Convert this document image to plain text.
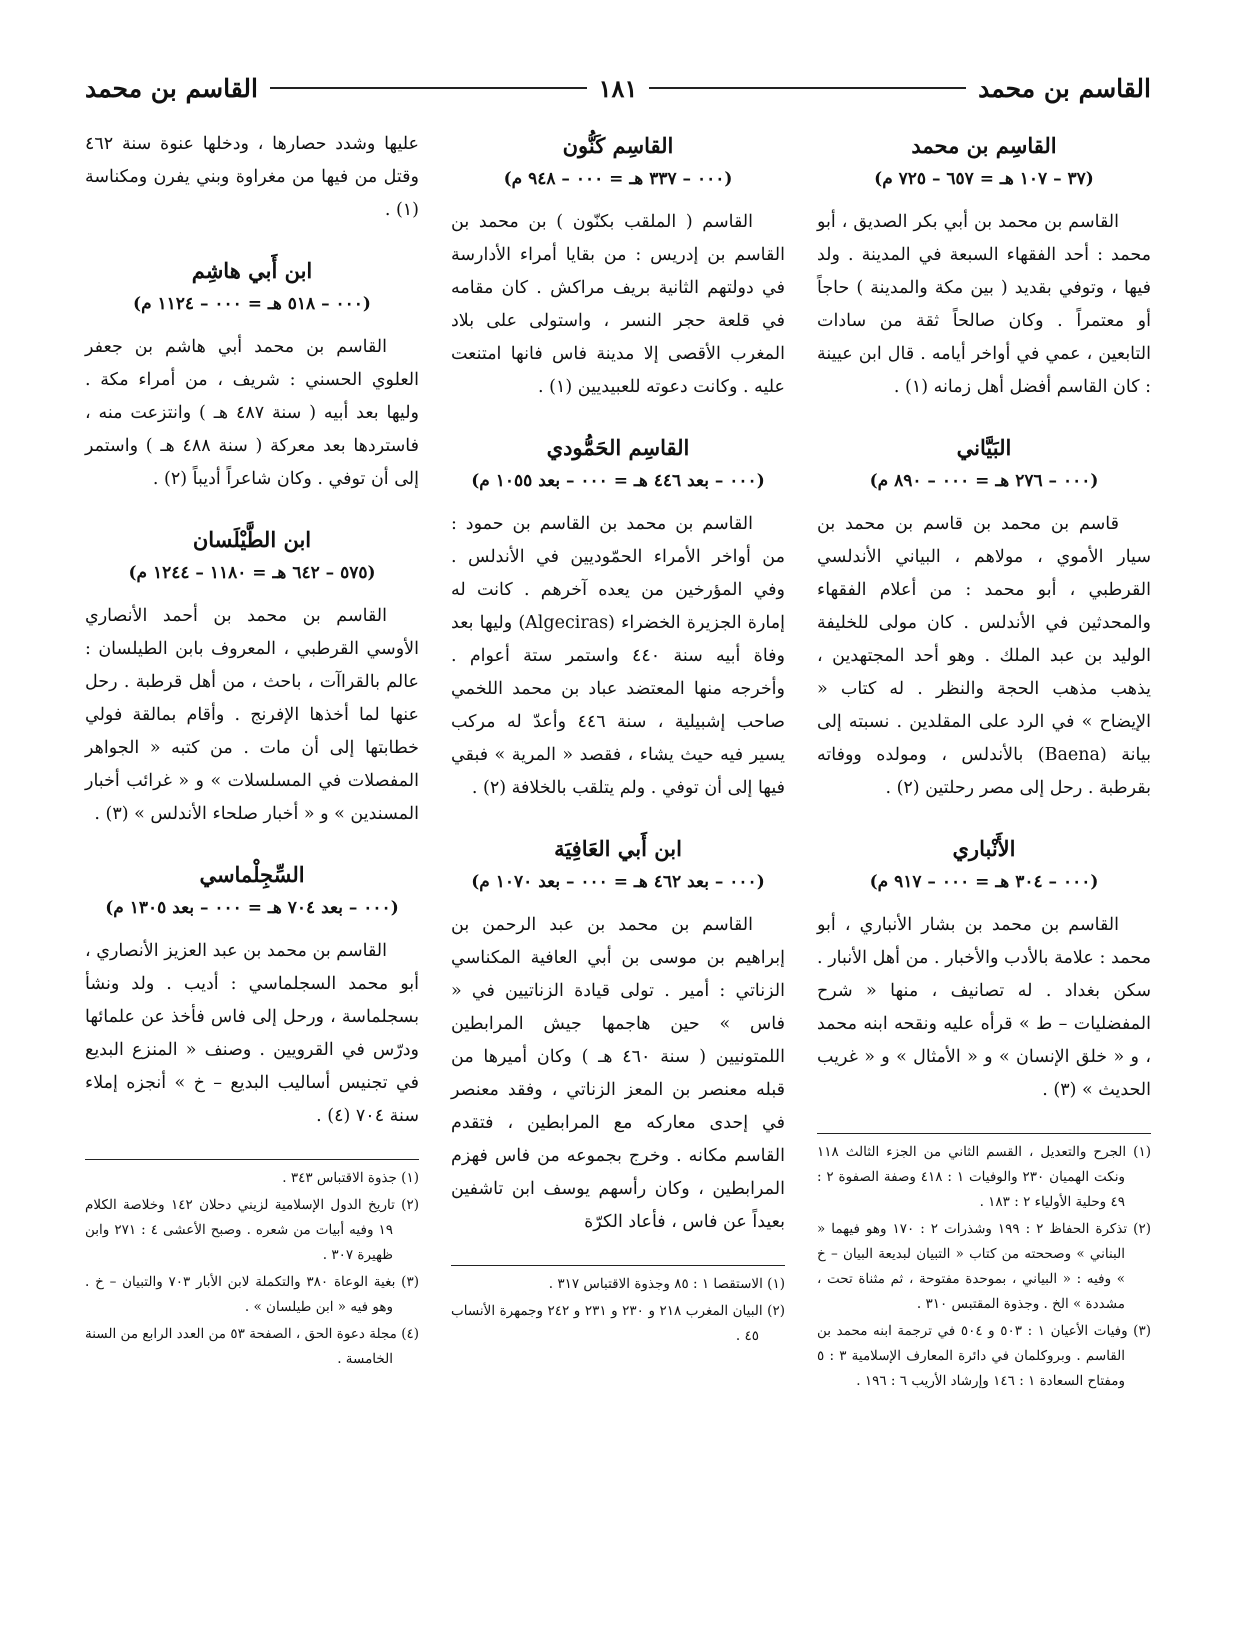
القاسم بن محمد
١٨١
القاسم بن محمد

القاسِم بن محمد

(٣٧ – ١٠٧ هـ = ٦٥٧ – ٧٢٥ م)

القاسم بن محمد بن أبي بكر الصديق ، أبو محمد : أحد الفقهاء السبعة في المدينة . ولد فيها ، وتوفي بقديد ( بين مكة والمدينة ) حاجاً أو معتمراً . وكان صالحاً ثقة من سادات التابعين ، عمي في أواخر أيامه . قال ابن عيينة : كان القاسم أفضل أهل زمانه (١) .

البَيَّاني

(٠٠٠ – ٢٧٦ هـ = ٠٠٠ – ٨٩٠ م)

قاسم بن محمد بن قاسم بن محمد بن سيار الأموي ، مولاهم ، البياني الأندلسي القرطبي ، أبو محمد : من أعلام الفقهاء والمحدثين في الأندلس . كان مولى للخليفة الوليد بن عبد الملك . وهو أحد المجتهدين ، يذهب مذهب الحجة والنظر . له كتاب « الإيضاح » في الرد على المقلدين . نسبته إلى بيانة (Baena) بالأندلس ، ومولده ووفاته بقرطبة . رحل إلى مصر رحلتين (٢) .

الأَنْباري

(٠٠٠ – ٣٠٤ هـ = ٠٠٠ – ٩١٧ م)

القاسم بن محمد بن بشار الأنباري ، أبو محمد : علامة بالأدب والأخبار . من أهل الأنبار . سكن بغداد . له تصانيف ، منها « شرح المفضليات – ط » قرأه عليه ونقحه ابنه محمد ، و « خلق الإنسان » و « الأمثال » و « غريب الحديث » (٣) .

(١) الجرح والتعديل ، القسم الثاني من الجزء الثالث ١١٨ ونكت الهميان ٢٣٠ والوفيات ١ : ٤١٨ وصفة الصفوة ٢ : ٤٩ وحلية الأولياء ٢ : ١٨٣ .

(٢) تذكرة الحفاظ ٢ : ١٩٩ وشذرات ٢ : ١٧٠ وهو فيهما « البناني » وصححته من كتاب « التبيان لبديعة البيان – خ » وفيه : « البياني ، بموحدة مفتوحة ، ثم مثناة تحت ، مشددة » الخ . وجذوة المقتبس ٣١٠ .

(٣) وفيات الأعيان ١ : ٥٠٣ و ٥٠٤ في ترجمة ابنه محمد بن القاسم . وبروكلمان في دائرة المعارف الإسلامية ٣ : ٥ ومفتاح السعادة ١ : ١٤٦ وإرشاد الأريب ٦ : ١٩٦ .

القاسِم كَنُّون

(٠٠٠ – ٣٣٧ هـ = ٠٠٠ – ٩٤٨ م)

القاسم ( الملقب بكنّون ) بن محمد بن القاسم بن إدريس : من بقايا أمراء الأدارسة في دولتهم الثانية بريف مراكش . كان مقامه في قلعة حجر النسر ، واستولى على بلاد المغرب الأقصى إلا مدينة فاس فانها امتنعت عليه . وكانت دعوته للعبيديين (١) .

القاسِم الحَمُّودي

(٠٠٠ – بعد ٤٤٦ هـ = ٠٠٠ – بعد ١٠٥٥ م)

القاسم بن محمد بن القاسم بن حمود : من أواخر الأمراء الحمّوديين في الأندلس . وفي المؤرخين من يعده آخرهم . كانت له إمارة الجزيرة الخضراء (Algeciras) وليها بعد وفاة أبيه سنة ٤٤٠ واستمر ستة أعوام . وأخرجه منها المعتضد عباد بن محمد اللخمي صاحب إشبيلية ، سنة ٤٤٦ وأعدّ له مركب يسير فيه حيث يشاء ، فقصد « المرية » فبقي فيها إلى أن توفي . ولم يتلقب بالخلافة (٢) .

ابن أَبي العَافِيَة

(٠٠٠ – بعد ٤٦٢ هـ = ٠٠٠ – بعد ١٠٧٠ م)

القاسم بن محمد بن عبد الرحمن بن إبراهيم بن موسى بن أبي العافية المكناسي الزناتي : أمير . تولى قيادة الزناتيين في « فاس » حين هاجمها جيش المرابطين اللمتونيين ( سنة ٤٦٠ هـ ) وكان أميرها من قبله معنصر بن المعز الزناتي ، وفقد معنصر في إحدى معاركه مع المرابطين ، فتقدم القاسم مكانه . وخرج بجموعه من فاس فهزم المرابطين ، وكان رأسهم يوسف ابن تاشفين بعيداً عن فاس ، فأعاد الكرّة

(١) الاستقصا ١ : ٨٥ وجذوة الاقتباس ٣١٧ .

(٢) البيان المغرب ٢١٨ و ٢٣٠ و ٢٣١ و ٢٤٢ وجمهرة الأنساب ٤٥ .

عليها وشدد حصارها ، ودخلها عنوة سنة ٤٦٢ وقتل من فيها من مغراوة وبني يفرن ومكناسة (١) .

ابن أَبي هاشِم

(٠٠٠ – ٥١٨ هـ = ٠٠٠ – ١١٢٤ م)

القاسم بن محمد أبي هاشم بن جعفر العلوي الحسني : شريف ، من أمراء مكة . وليها بعد أبيه ( سنة ٤٨٧ هـ ) وانتزعت منه ، فاستردها بعد معركة ( سنة ٤٨٨ هـ ) واستمر إلى أن توفي . وكان شاعراً أديباً (٢) .

ابن الطَّيْلَسان

(٥٧٥ – ٦٤٢ هـ = ١١٨٠ – ١٢٤٤ م)

القاسم بن محمد بن أحمد الأنصاري الأوسي القرطبي ، المعروف بابن الطيلسان : عالم بالقراآت ، باحث ، من أهل قرطبة . رحل عنها لما أخذها الإفرنج . وأقام بمالقة فولي خطابتها إلى أن مات . من كتبه « الجواهر المفصلات في المسلسلات » و « غرائب أخبار المسندين » و « أخبار صلحاء الأندلس » (٣) .

السِّجِلْماسي

(٠٠٠ – بعد ٧٠٤ هـ = ٠٠٠ – بعد ١٣٠٥ م)

القاسم بن محمد بن عبد العزيز الأنصاري ، أبو محمد السجلماسي : أديب . ولد ونشأ بسجلماسة ، ورحل إلى فاس فأخذ عن علمائها ودرّس في القرويين . وصنف « المنزع البديع في تجنيس أساليب البديع – خ » أنجزه إملاء سنة ٧٠٤ (٤) .

(١) جذوة الاقتباس ٣٤٣ .

(٢) تاريخ الدول الإسلامية لزيني دحلان ١٤٢ وخلاصة الكلام ١٩ وفيه أبيات من شعره . وصبح الأعشى ٤ : ٢٧١ وابن ظهيرة ٣٠٧ .

(٣) بغية الوعاة ٣٨٠ والتكملة لابن الأبار ٧٠٣ والتبيان – خ . وهو فيه « ابن طيلسان » .

(٤) مجلة دعوة الحق ، الصفحة ٥٣ من العدد الرابع من السنة الخامسة .
